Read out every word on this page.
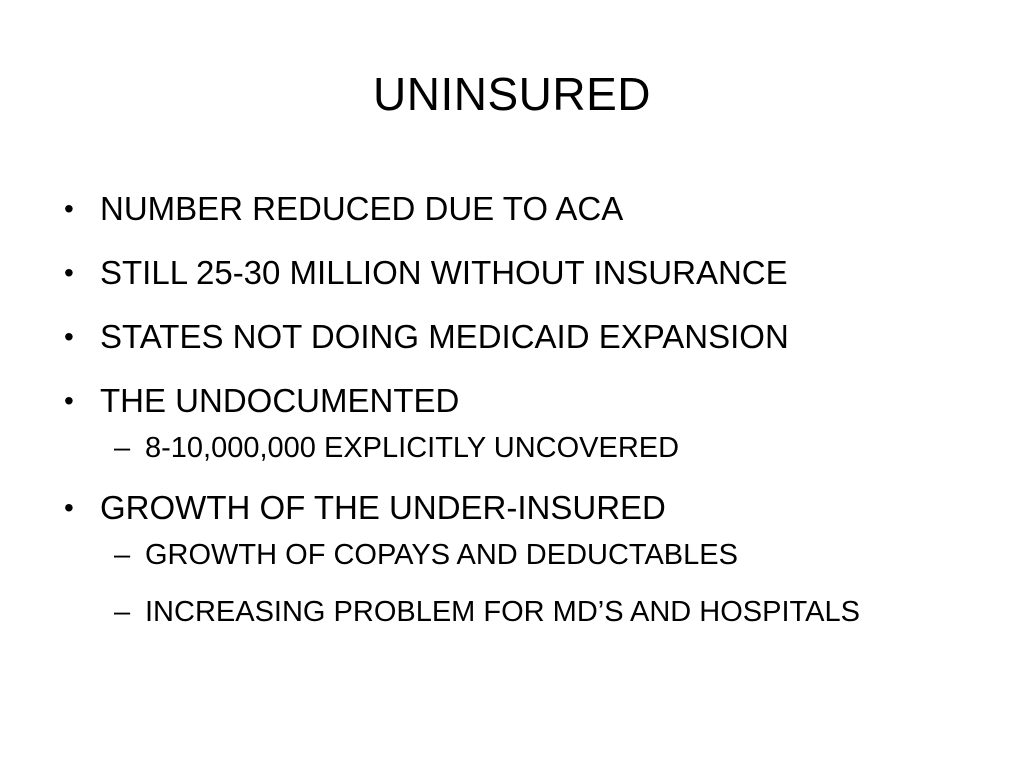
UNINSURED
• NUMBER REDUCED DUE TO ACA
• STILL 25-30 MILLION WITHOUT INSURANCE
• STATES NOT DOING MEDICAID EXPANSION
• THE UNDOCUMENTED
– 8-10,000,000 EXPLICITLY UNCOVERED
• GROWTH OF THE UNDER-INSURED
– GROWTH OF COPAYS AND DEDUCTABLES
– INCREASING PROBLEM FOR MD’S AND HOSPITALS
